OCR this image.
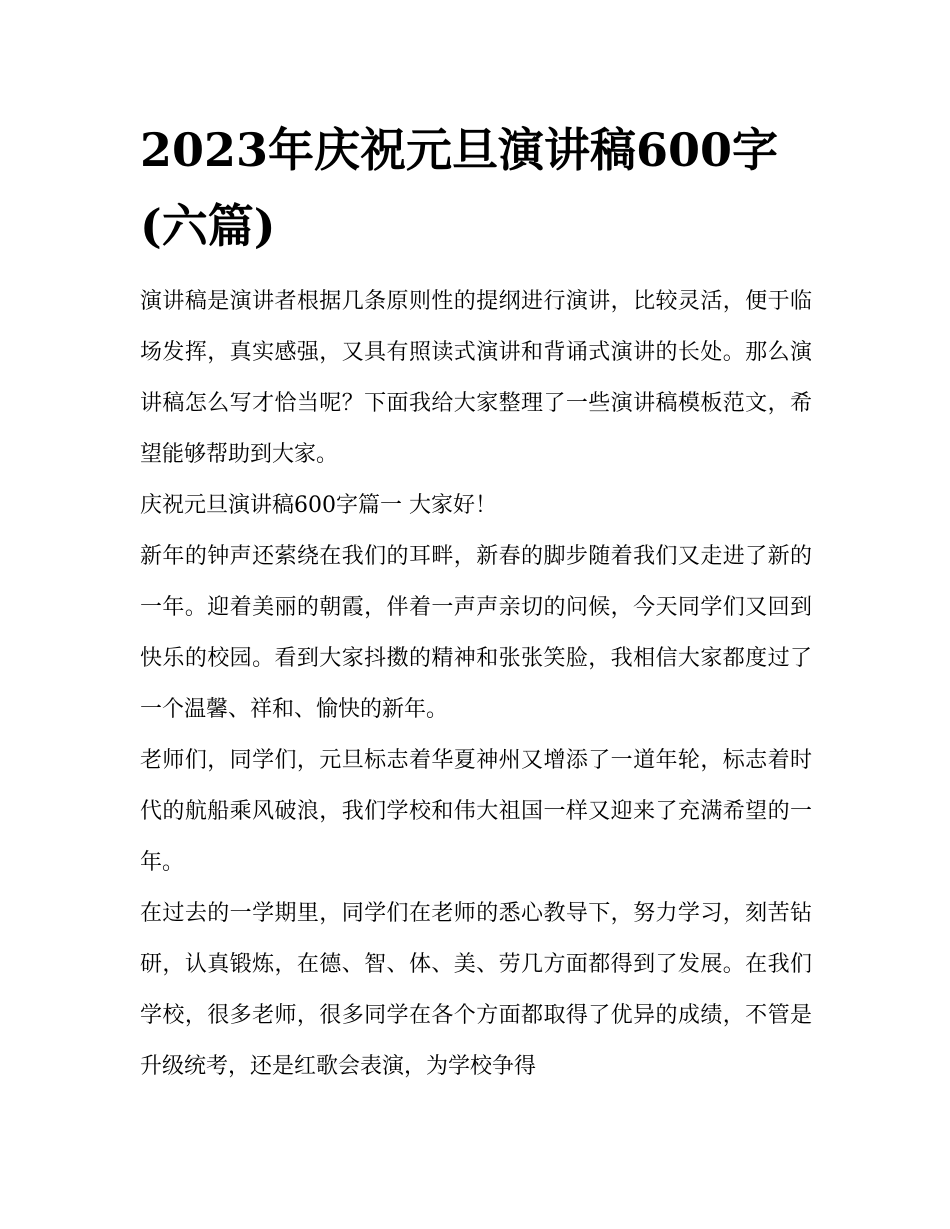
2023年庆祝元旦演讲稿600字(六篇)

演讲稿是演讲者根据几条原则性的提纲进行演讲，比较灵活，便于临场发挥，真实感强，又具有照读式演讲和背诵式演讲的长处。那么演讲稿怎么写才恰当呢？下面我给大家整理了一些演讲稿模板范文，希望能够帮助到大家。

庆祝元旦演讲稿600字篇一 大家好！

新年的钟声还萦绕在我们的耳畔，新春的脚步随着我们又走进了新的一年。迎着美丽的朝霞，伴着一声声亲切的问候，今天同学们又回到快乐的校园。看到大家抖擞的精神和张张笑脸，我相信大家都度过了一个温馨、祥和、愉快的新年。

老师们，同学们，元旦标志着华夏神州又增添了一道年轮，标志着时代的航船乘风破浪，我们学校和伟大祖国一样又迎来了充满希望的一年。

在过去的一学期里，同学们在老师的悉心教导下，努力学习，刻苦钻研，认真锻炼，在德、智、体、美、劳几方面都得到了发展。在我们学校，很多老师，很多同学在各个方面都取得了优异的成绩，不管是升级统考，还是红歌会表演，为学校争得
